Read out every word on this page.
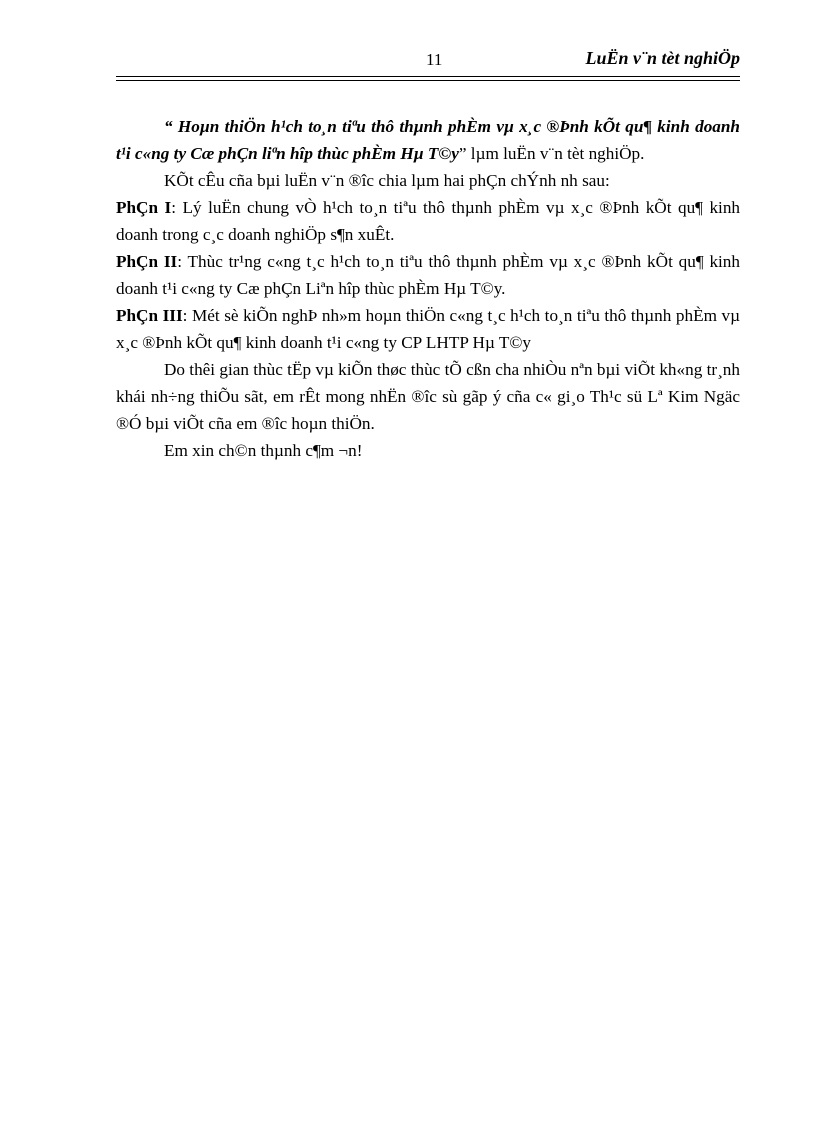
11	LuËn v¨n tèt nghiÖp

“ Hoµn thiÖn h¹ch to¸n tiªu thô thµnh phÈm vµ x¸c ®Þnh kÕt qu¶ kinh doanh t¹i c«ng ty Cæ phÇn liªn hîp thùc phÈm Hµ T©y” lµm luËn v¨n tèt nghiÖp.

KÕt cÊu cña bµi luËn v¨n ®îc chia lµm hai phÇn chÝnh nh sau:

PhÇn I: Lý luËn chung vÒ h¹ch to¸n tiªu thô thµnh phÈm vµ x¸c ®Þnh kÕt qu¶ kinh doanh trong c¸c doanh nghiÖp s¶n xuÊt.

PhÇn II: Thùc tr¹ng c«ng t¸c h¹ch to¸n tiªu thô thµnh phÈm vµ x¸c ®Þnh kÕt qu¶ kinh doanh t¹i c«ng ty Cæ phÇn Liªn hîp thùc phÈm Hµ T©y.

PhÇn III: Mét sè kiÕn nghÞ nh»m hoµn thiÖn c«ng t¸c h¹ch to¸n tiªu thô thµnh phÈm vµ x¸c ®Þnh kÕt qu¶ kinh doanh t¹i c«ng ty CP LHTP Hµ T©y

Do thêi gian thùc tËp vµ kiÕn thøc thùc tÕ cßn cha nhiÒu nªn bµi viÕt kh«ng tr¸nh khái nh÷ng thiÕu sãt, em rÊt mong nhËn ®îc sù gãp ý cña c« gi¸o Th¹c sü Lª Kim Ngäc ®Ó bµi viÕt cña em ®îc hoµn thiÖn.

Em xin ch©n thµnh c¶m ¬n!
